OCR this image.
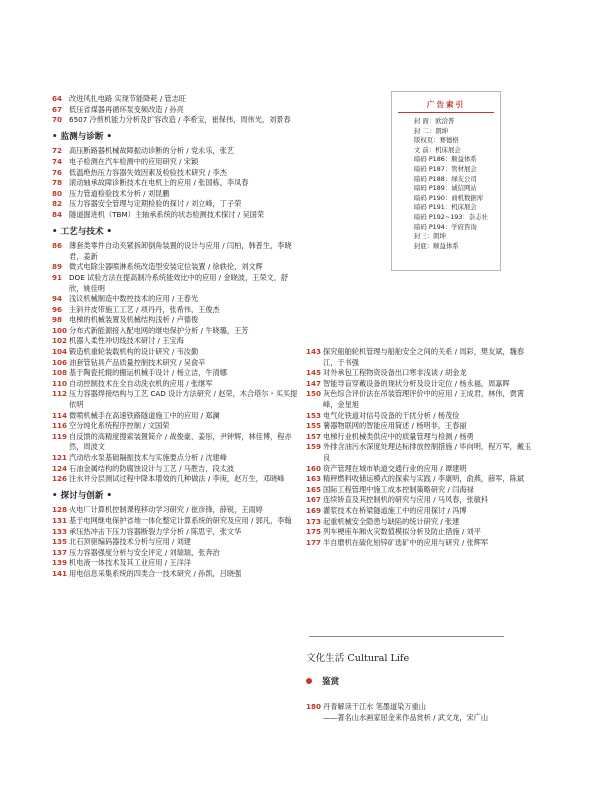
64 改进风扎电路 实现节能降耗 / 管志旺
67 低压省煤器再循环泵变频改造 / 孙亮
70 6507 冷剪机能力分析及扩容改造 / 李希宝，崔保伟，周伟光，刘景春
• 监测与诊断 •
72 高压断路器机械故障振动诊断的分析 / 党永乐，张艺
74 电子检测在汽车检测中的应用研究 / 宋颖
76 低温绝热压力容器失效因素及检验技术研究 / 李杰
78 滚动轴承故障诊断技术在电机上的应用 / 张国栋，李凤春
80 压力管道检验技术分析 / 刘昆鹏
82 压力容器安全管理与定期检验的探讨 / 刘立峰，丁子荣
84 隧道掘进机（TBM）主轴承系统的状态检测技术探讨 / 吴国荣
• 工艺与技术 •
86 薄套类零件自动夹紧拆卸倒角装置的设计与应用 / 闫柏，韩普生，李晓君，姜新
89 微式电除尘器喷淋系统改造型安装定位装置 / 徐轶伦，刘文辉
91 DOE 试验方法在提高制冷系统能效比中的应用 / 金晓波，王荣文，舒欣，姚佳明
94 浅议机械制造中数控技术的应用 / 王春光
96 主斜井皮带施工工艺 / 项丹丹，张希伟，王俊杰
98 电梯的机械装置及机械结构浅析 / 卢德俊
100 分布式新能源接入配电网的继电保护分析 / 牛晓璐，王芳
102 机器人柔性冲切线技术研讨 / 王宝海
104 锻造机重轮装载机构的设计研究 / 韦汝勤
106 油套管钻具产品质量控制技术研究 / 吴俞辛
108 基于陶瓷托辊的搬运机械手设计 / 杨立洁，牛清娜
110 自动控制技术在全自动洗衣机的应用 / 张继军
112 压力容器焊接结构与工艺 CAD 设计方法研究 / 赵荣，木合塔尔・买买提依明
114 微喷机械手在高速铁路隧道施工中的应用 / 郑澜
116 空分纯化系统程序控制 / 文国荣
119 自反馈的高精度搜索装置简介 / 战俊豪，姜彤，尹钟辉，林佳博，程亦然，周波文
121 汽动给水泵基础隔振技术与实施要点分析 / 沈建峰
124 石油金属结构的防腐蚀设计与工艺 / 马胜吉，段太波
126 注水井分层测试过程中降本增效的几种做法 / 李庚，赵万生，邓晓峰
• 探讨与创新 •
128 火电厂计算机控制课程移动学习研究 / 崔彦锋，薛锐，王雨婷
131 基于电网继电保护省地一体化整定计算系统的研究及应用 / 郭凡，李翰
133 承压热冲击下压力容器断裂力学分析 / 陈思宇，张文华
135 北石顶驱编码器技术分析与应用 / 刘建
137 压力容器强度分析与安全评定 / 刘瑞瑞，张奔治
139 机电液一体技术及其工业应用 / 王洋洋
141 用电信息采集系统的四类合一技术研究 / 孙凯，吕晓强
广告索引
封 面：欧洽普
封 二：朗坤
版权页：赛德格
文 前：机床展会
暗码 P186：顺益体系
暗码 P187：管材展会
暗码 P188：绿友公司
暗码 P189：诚信网站
暗码 P190：商机数据库
暗码 P191：机床展会
暗码 P192~193：杂志社
暗码 P194：学府咨询
封三：朗坤
封底：顺益体系
143 探究船舶轮机管理与船舶安全之间的关系 / 周彩，樊友斌，魏春江，于书强
145 对外承包工程物资设备出口寒非浅谈 / 胡金龙
147 智能导盲穿戴设备的现状分析及设计定位 / 杨永福，周嘉晖
150 灰色综合评价法在吊装管理评价中的应用 / 王成君，林伟，贾霄峰，金星旭
153 电气化铁道对信号设备的干扰分析 / 杨茂俭
155 薯器物联网的智能应用简述 / 杨明非，王春丽
157 电梯行业机械类供应中的质量管理与检测 / 杨勇
159 外排含油污水深度处理达标排放控制措施 / 毕向明，程万军，戴玉良
160 资产管理在城市轨道交通行业的应用 / 谭建明
163 精秤燃料收储运模式的探索与实践 / 李康明，俞燕，薛军，陈斌
165 国际工程管理中施工成本控制策略研究 / 闫海禄
167 连续矫直及其控制机的研究与应用 / 马风春，张敏科
169 灌浆技术在桥梁隧道施工中的应用探讨 / 冯博
173 起重机械安全隐患与缺陷的统计研究 / 张建
175 列车梗座车厢火灾数值模拟分析及防止措施 / 刘平
177 半自磨机在硫化铂锌矿选矿中的应用与研究 / 张辉军
文化生活 Cultural Life
鉴赏
180 丹青解读干江水 笔墨道染万重山
——著名山水画家屈金来作品赏析 / 武文龙，宋广山
